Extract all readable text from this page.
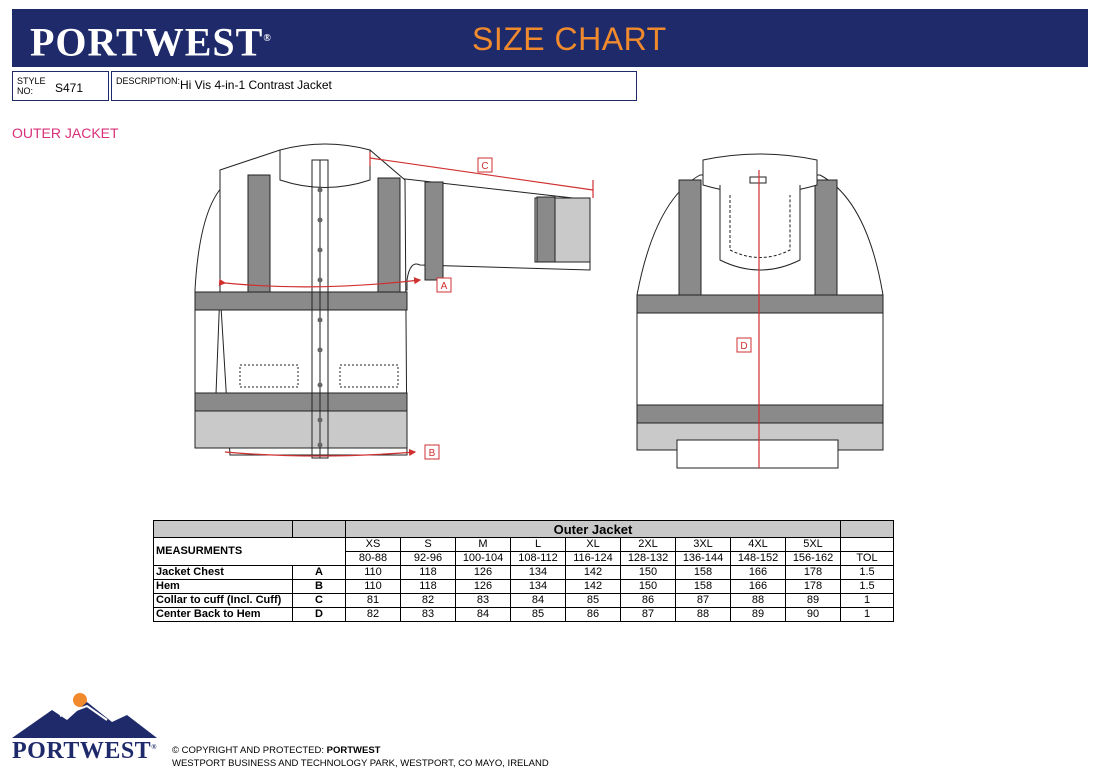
PORTWEST®	SIZE CHART
STYLE NO:	S471	DESCRIPTION: Hi Vis 4-in-1 Contrast Jacket
OUTER JACKET
A
B
C
D
		Outer Jacket									
MEASURMENTS		XS	S	M	L	XL	2XL	3XL	4XL	5XL	
		80-88	92-96	100-104	108-112	116-124	128-132	136-144	148-152	156-162	TOL
Jacket Chest	A	110	118	126	134	142	150	158	166	178	1.5
Hem	B	110	118	126	134	142	150	158	166	178	1.5
Collar to cuff (Incl. Cuff)	C	81	82	83	84	85	86	87	88	89	1
Center Back to Hem	D	82	83	84	85	86	87	88	89	90	1
PORTWEST® © COPYRIGHT AND PROTECTED: PORTWEST
WESTPORT BUSINESS AND TECHNOLOGY PARK, WESTPORT, CO MAYO, IRELAND
